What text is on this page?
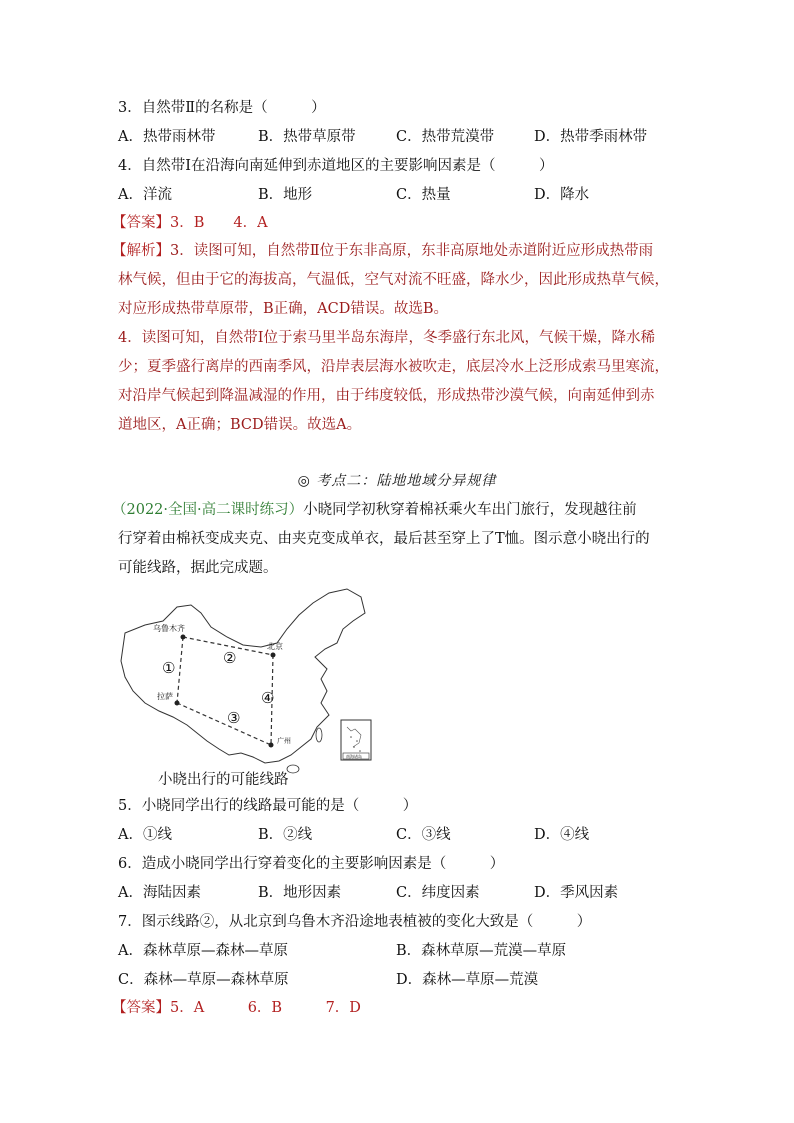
3．自然带Ⅱ的名称是（　　　）
A．热带雨林带	B．热带草原带	C．热带荒漠带	D．热带季雨林带
4．自然带Ⅰ在沿海向南延伸到赤道地区的主要影响因素是（　　　）
A．洋流	B．地形	C．热量	D．降水
【答案】3．B　　4．A
【解析】3．读图可知，自然带Ⅱ位于东非高原，东非高原地处赤道附近应形成热带雨
林气候，但由于它的海拔高，气温低，空气对流不旺盛，降水少，因此形成热草气候，
对应形成热带草原带，B正确，ACD错误。故选B。
4．读图可知，自然带Ⅰ位于索马里半岛东海岸，冬季盛行东北风，气候干燥，降水稀
少；夏季盛行离岸的西南季风，沿岸表层海水被吹走，底层冷水上泛形成索马里寒流，
对沿岸气候起到降温减湿的作用，由于纬度较低，形成热带沙漠气候，向南延伸到赤
道地区，A正确；BCD错误。故选A。
◎ 考点二：陆地地域分异规律
（2022·全国·高二课时练习）小晓同学初秋穿着棉袄乘火车出门旅行，发现越往前
行穿着由棉袄变成夹克、由夹克变成单衣，最后甚至穿上了T恤。图示意小晓出行的
可能线路，据此完成题。
乌鲁木齐
北京
拉萨
广州
①
②
③
④
南海诸岛
小晓出行的可能线路
5．小晓同学出行的线路最可能的是（　　　）
A．①线	B．②线	C．③线	D．④线
6．造成小晓同学出行穿着变化的主要影响因素是（　　　）
A．海陆因素	B．地形因素	C．纬度因素	D．季风因素
7．图示线路②，从北京到乌鲁木齐沿途地表植被的变化大致是（　　　）
A．森林草原—森林—草原	B．森林草原—荒漠—草原
C．森林—草原—森林草原	D．森林—草原—荒漠
【答案】5．A　　　6．B　　　7．D
